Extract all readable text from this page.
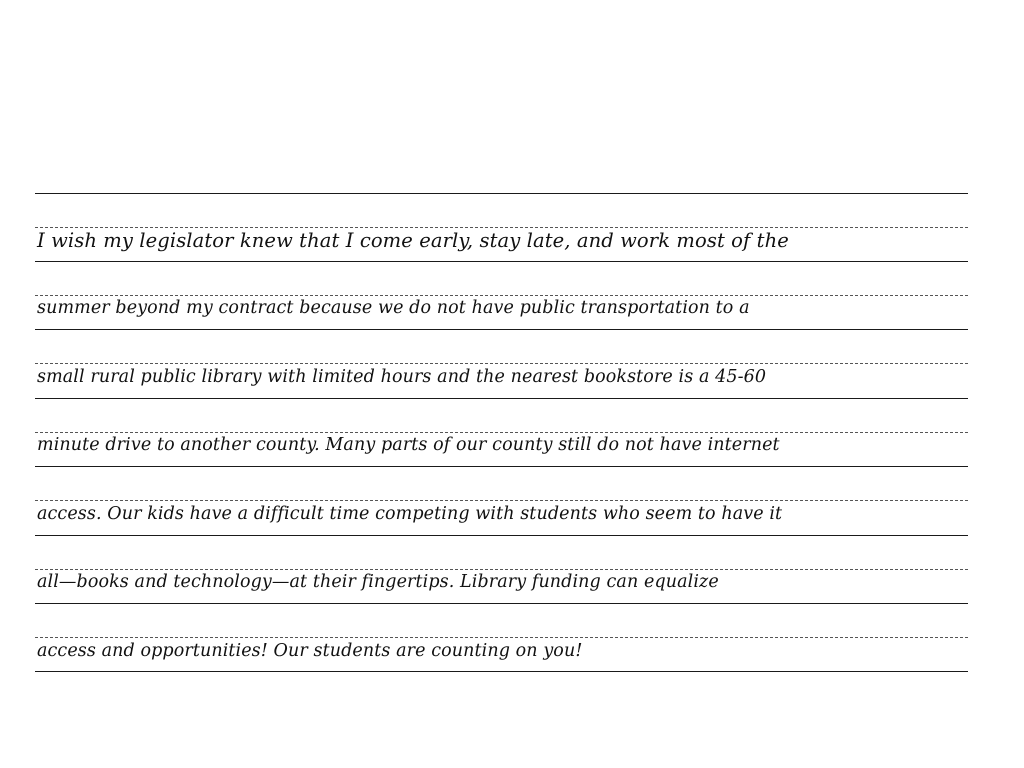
I wish my legislator knew that I come early, stay late, and work most of the
summer beyond my contract because we do not have public transportation to a
small rural public library with limited hours and the nearest bookstore is a 45-60
minute drive to another county. Many parts of our county still do not have internet
access. Our kids have a difficult time competing with students who seem to have it
all—books and technology—at their fingertips. Library funding can equalize
access and opportunities! Our students are counting on you!
